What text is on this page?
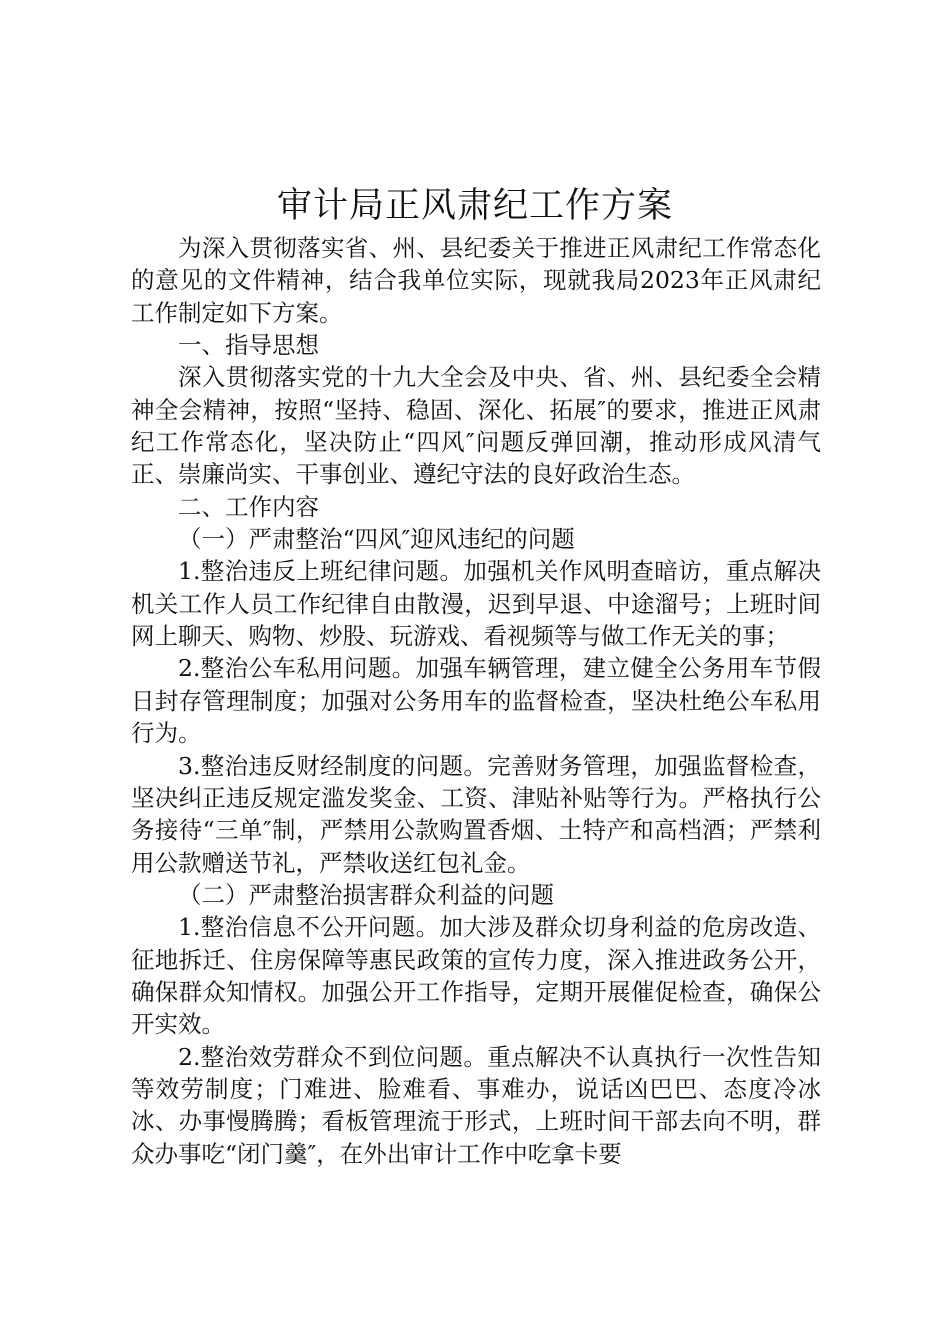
审计局正风肃纪工作方案

为深入贯彻落实省、州、县纪委关于推进正风肃纪工作常态化的意见的文件精神，结合我单位实际，现就我局2023年正风肃纪工作制定如下方案。

一、指导思想

深入贯彻落实党的十九大全会及中央、省、州、县纪委全会精神全会精神，按照“坚持、稳固、深化、拓展″的要求，推进正风肃纪工作常态化，坚决防止“四风″问题反弹回潮，推动形成风清气正、崇廉尚实、干事创业、遵纪守法的良好政治生态。

二、工作内容

（一）严肃整治“四风″迎风违纪的问题

1.整治违反上班纪律问题。加强机关作风明查暗访，重点解决机关工作人员工作纪律自由散漫，迟到早退、中途溜号；上班时间网上聊天、购物、炒股、玩游戏、看视频等与做工作无关的事；

2.整治公车私用问题。加强车辆管理，建立健全公务用车节假日封存管理制度；加强对公务用车的监督检查，坚决杜绝公车私用行为。

3.整治违反财经制度的问题。完善财务管理，加强监督检查，坚决纠正违反规定滥发奖金、工资、津贴补贴等行为。严格执行公务接待“三单″制，严禁用公款购置香烟、土特产和高档酒；严禁利用公款赠送节礼，严禁收送红包礼金。

（二）严肃整治损害群众利益的问题

1.整治信息不公开问题。加大涉及群众切身利益的危房改造、征地拆迁、住房保障等惠民政策的宣传力度，深入推进政务公开，确保群众知情权。加强公开工作指导，定期开展催促检查，确保公开实效。

2.整治效劳群众不到位问题。重点解决不认真执行一次性告知等效劳制度；门难进、脸难看、事难办，说话凶巴巴、态度冷冰冰、办事慢腾腾；看板管理流于形式，上班时间干部去向不明，群众办事吃“闭门羹″，在外出审计工作中吃拿卡要
